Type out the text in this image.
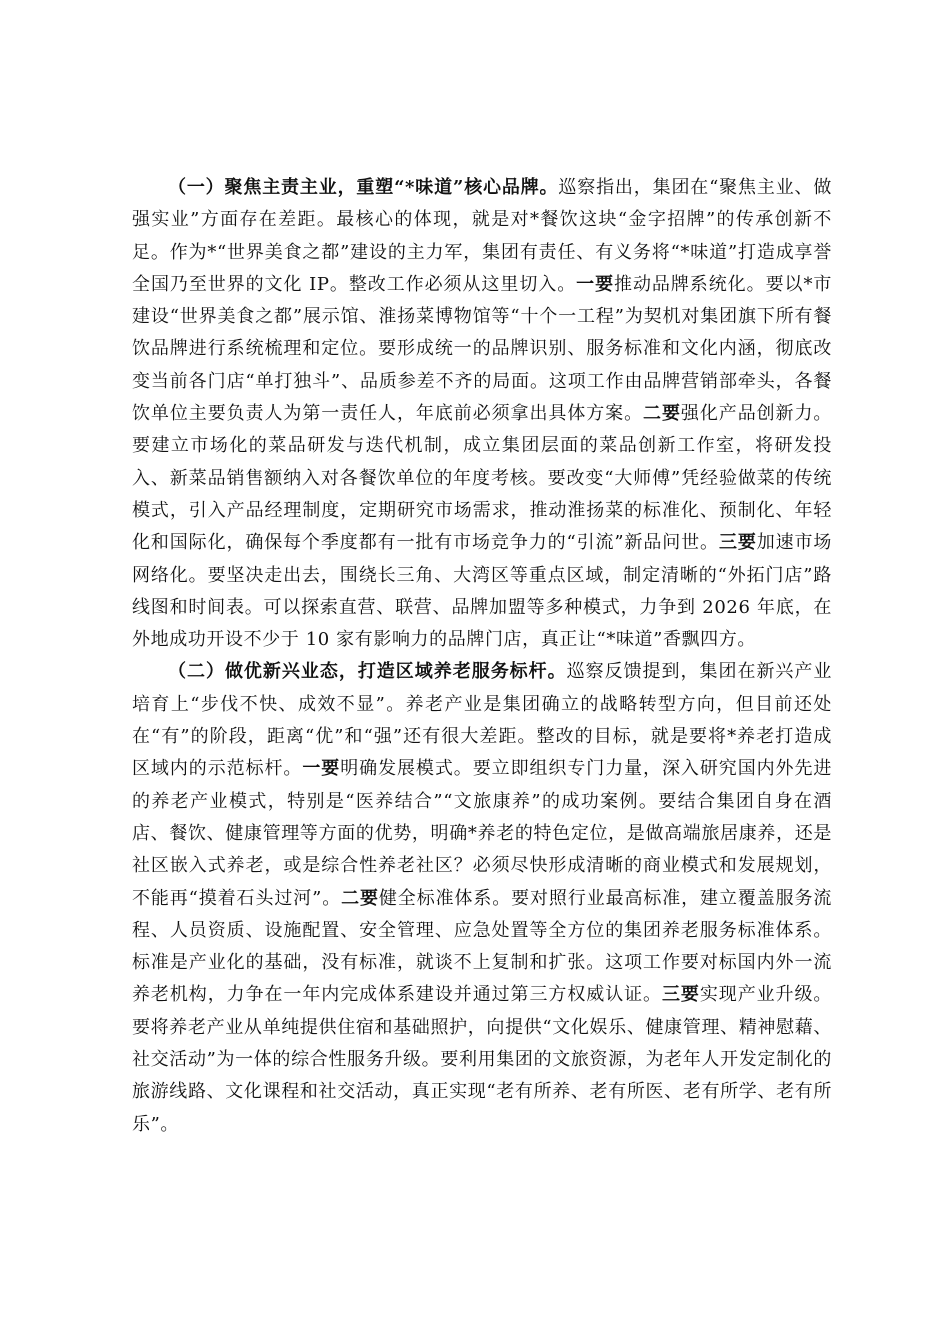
（一）聚焦主责主业，重塑“*味道”核心品牌。巡察指出，集团在“聚焦主业、做强实业”方面存在差距。最核心的体现，就是对*餐饮这块“金字招牌”的传承创新不足。作为*“世界美食之都”建设的主力军，集团有责任、有义务将“*味道”打造成享誉全国乃至世界的文化 IP。整改工作必须从这里切入。一要推动品牌系统化。要以*市建设“世界美食之都”展示馆、淮扬菜博物馆等“十个一工程”为契机对集团旗下所有餐饮品牌进行系统梳理和定位。要形成统一的品牌识别、服务标准和文化内涵，彻底改变当前各门店“单打独斗”、品质参差不齐的局面。这项工作由品牌营销部牵头，各餐饮单位主要负责人为第一责任人，年底前必须拿出具体方案。二要强化产品创新力。要建立市场化的菜品研发与迭代机制，成立集团层面的菜品创新工作室，将研发投入、新菜品销售额纳入对各餐饮单位的年度考核。要改变“大师傅”凭经验做菜的传统模式，引入产品经理制度，定期研究市场需求，推动淮扬菜的标准化、预制化、年轻化和国际化，确保每个季度都有一批有市场竞争力的“引流”新品问世。三要加速市场网络化。要坚决走出去，围绕长三角、大湾区等重点区域，制定清晰的“外拓门店”路线图和时间表。可以探索直营、联营、品牌加盟等多种模式，力争到 2026 年底，在外地成功开设不少于 10 家有影响力的品牌门店，真正让“*味道”香飘四方。

（二）做优新兴业态，打造区域养老服务标杆。巡察反馈提到，集团在新兴产业培育上“步伐不快、成效不显”。养老产业是集团确立的战略转型方向，但目前还处在“有”的阶段，距离“优”和“强”还有很大差距。整改的目标，就是要将*养老打造成区域内的示范标杆。一要明确发展模式。要立即组织专门力量，深入研究国内外先进的养老产业模式，特别是“医养结合”“文旅康养”的成功案例。要结合集团自身在酒店、餐饮、健康管理等方面的优势，明确*养老的特色定位，是做高端旅居康养，还是社区嵌入式养老，或是综合性养老社区？必须尽快形成清晰的商业模式和发展规划，不能再“摸着石头过河”。二要健全标准体系。要对照行业最高标准，建立覆盖服务流程、人员资质、设施配置、安全管理、应急处置等全方位的集团养老服务标准体系。标准是产业化的基础，没有标准，就谈不上复制和扩张。这项工作要对标国内外一流养老机构，力争在一年内完成体系建设并通过第三方权威认证。三要实现产业升级。要将养老产业从单纯提供住宿和基础照护，向提供“文化娱乐、健康管理、精神慰藉、社交活动”为一体的综合性服务升级。要利用集团的文旅资源，为老年人开发定制化的旅游线路、文化课程和社交活动，真正实现“老有所养、老有所医、老有所学、老有所乐”。
